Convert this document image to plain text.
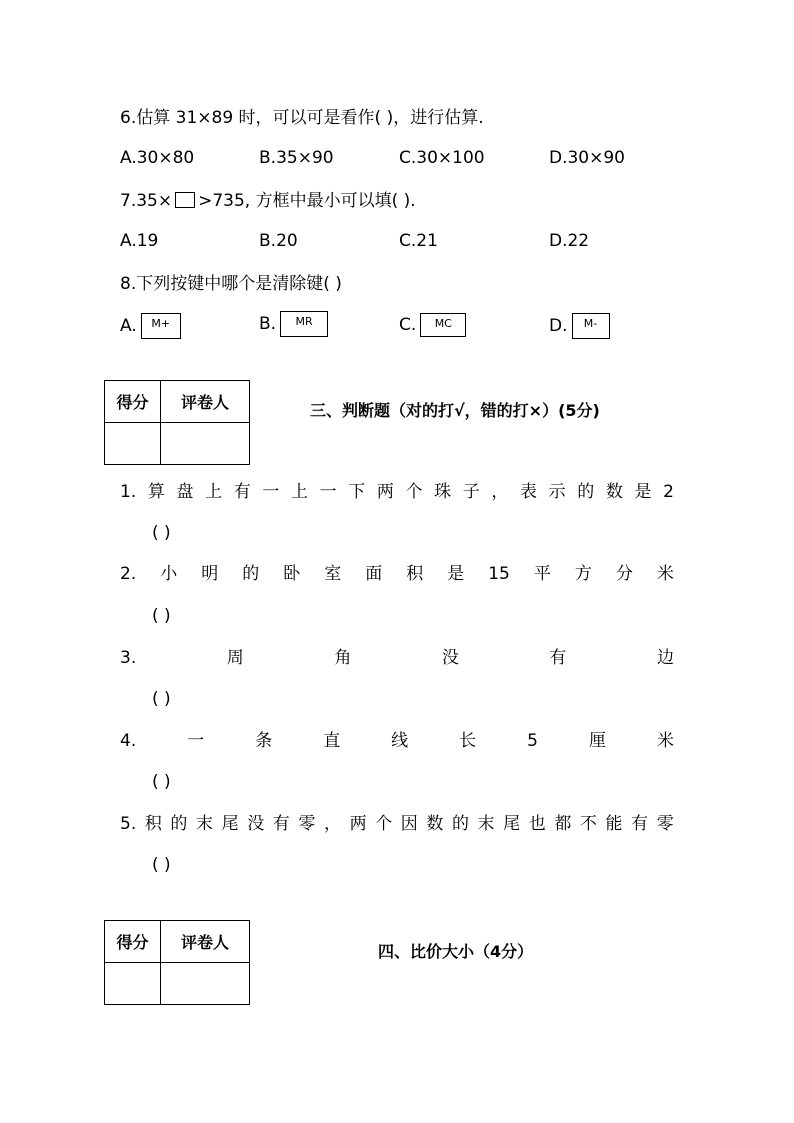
6.估算 31×89 时，可以可是看作( )，进行估算.
A.30×80	B.35×90	C.30×100	D.30×90
7.35× >735, 方框中最小可以填( ).
A.19	B.20	C.21	D.22
8.下列按键中哪个是清除键( )
A. M+	B. MR	C. MC	D. M-
得分	评卷人
		三、判断题（对的打√，错的打×）(5分)
1. 算 盘 上 有 一 上 一 下 两 个 珠 子 ， 表 示 的 数 是 2
( )
2. 小 明 的 卧 室 面 积 是 15 平 方 分 米
( )
3.	周	角	没	有	边
( )
4.	一	条	直	线	长	5	厘	米
( )
5. 积 的 末 尾 没 有 零 ， 两 个 因 数 的 末 尾 也 都 不 能 有 零
( )
得分	评卷人
		四、比价大小（4分）
